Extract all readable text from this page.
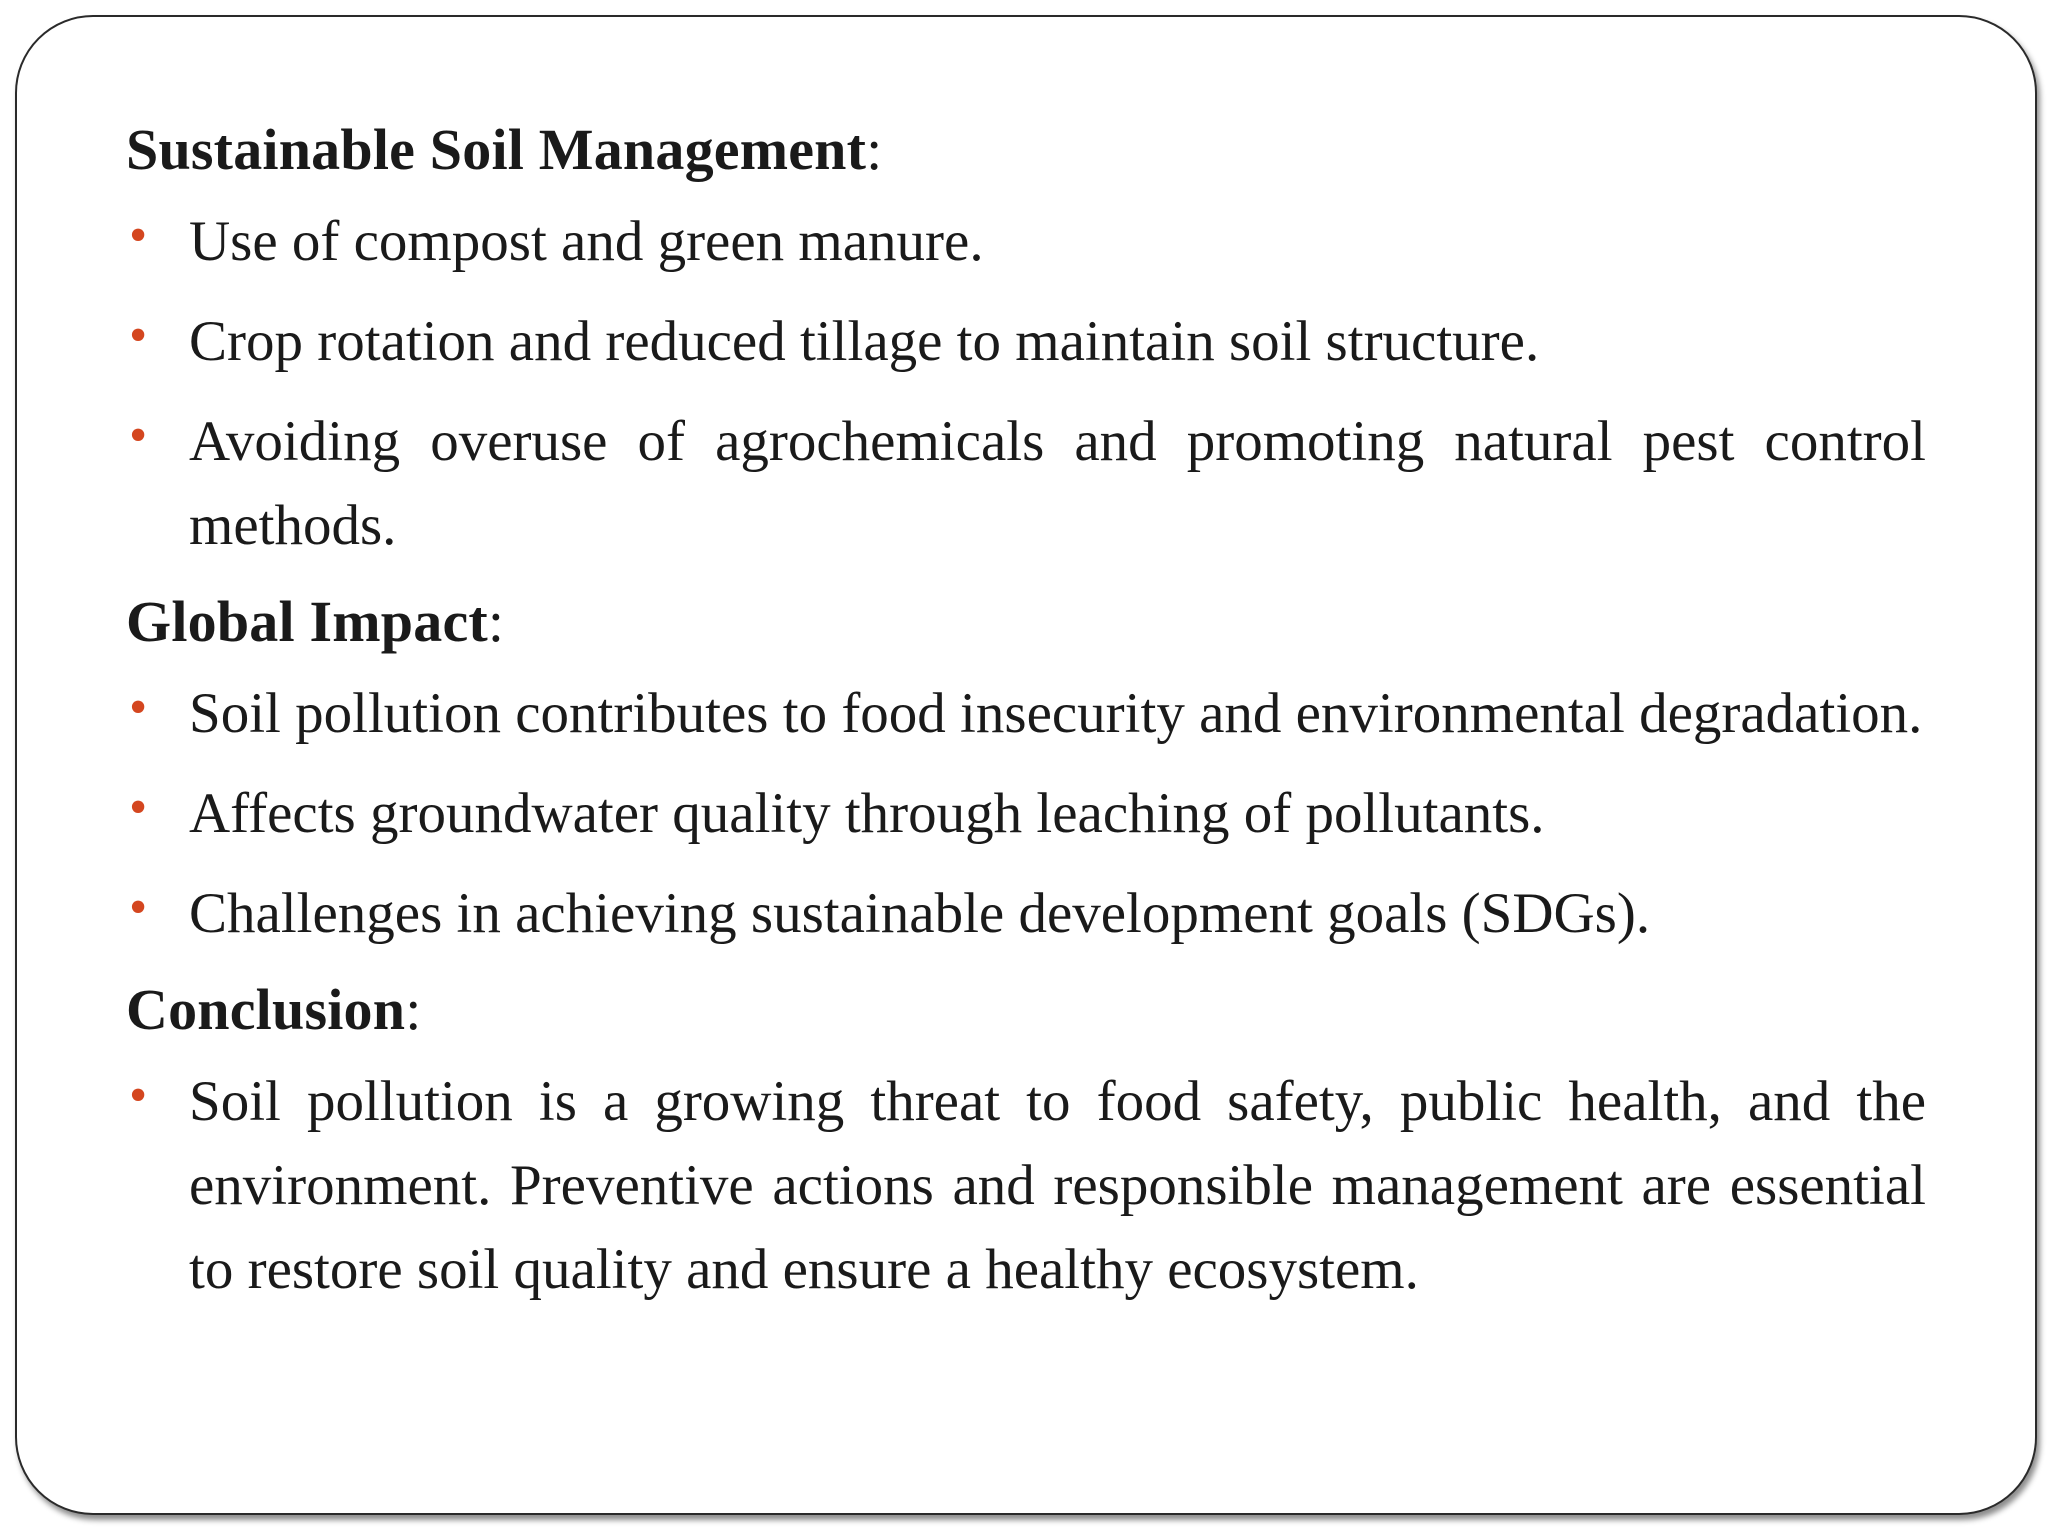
Sustainable Soil Management:
• Use of compost and green manure.
• Crop rotation and reduced tillage to maintain soil structure.
• Avoiding overuse of agrochemicals and promoting natural pest control methods.
Global Impact:
• Soil pollution contributes to food insecurity and environmental degradation.
• Affects groundwater quality through leaching of pollutants.
• Challenges in achieving sustainable development goals (SDGs).
Conclusion:
• Soil pollution is a growing threat to food safety, public health, and the environment. Preventive actions and responsible management are essential to restore soil quality and ensure a healthy ecosystem.
